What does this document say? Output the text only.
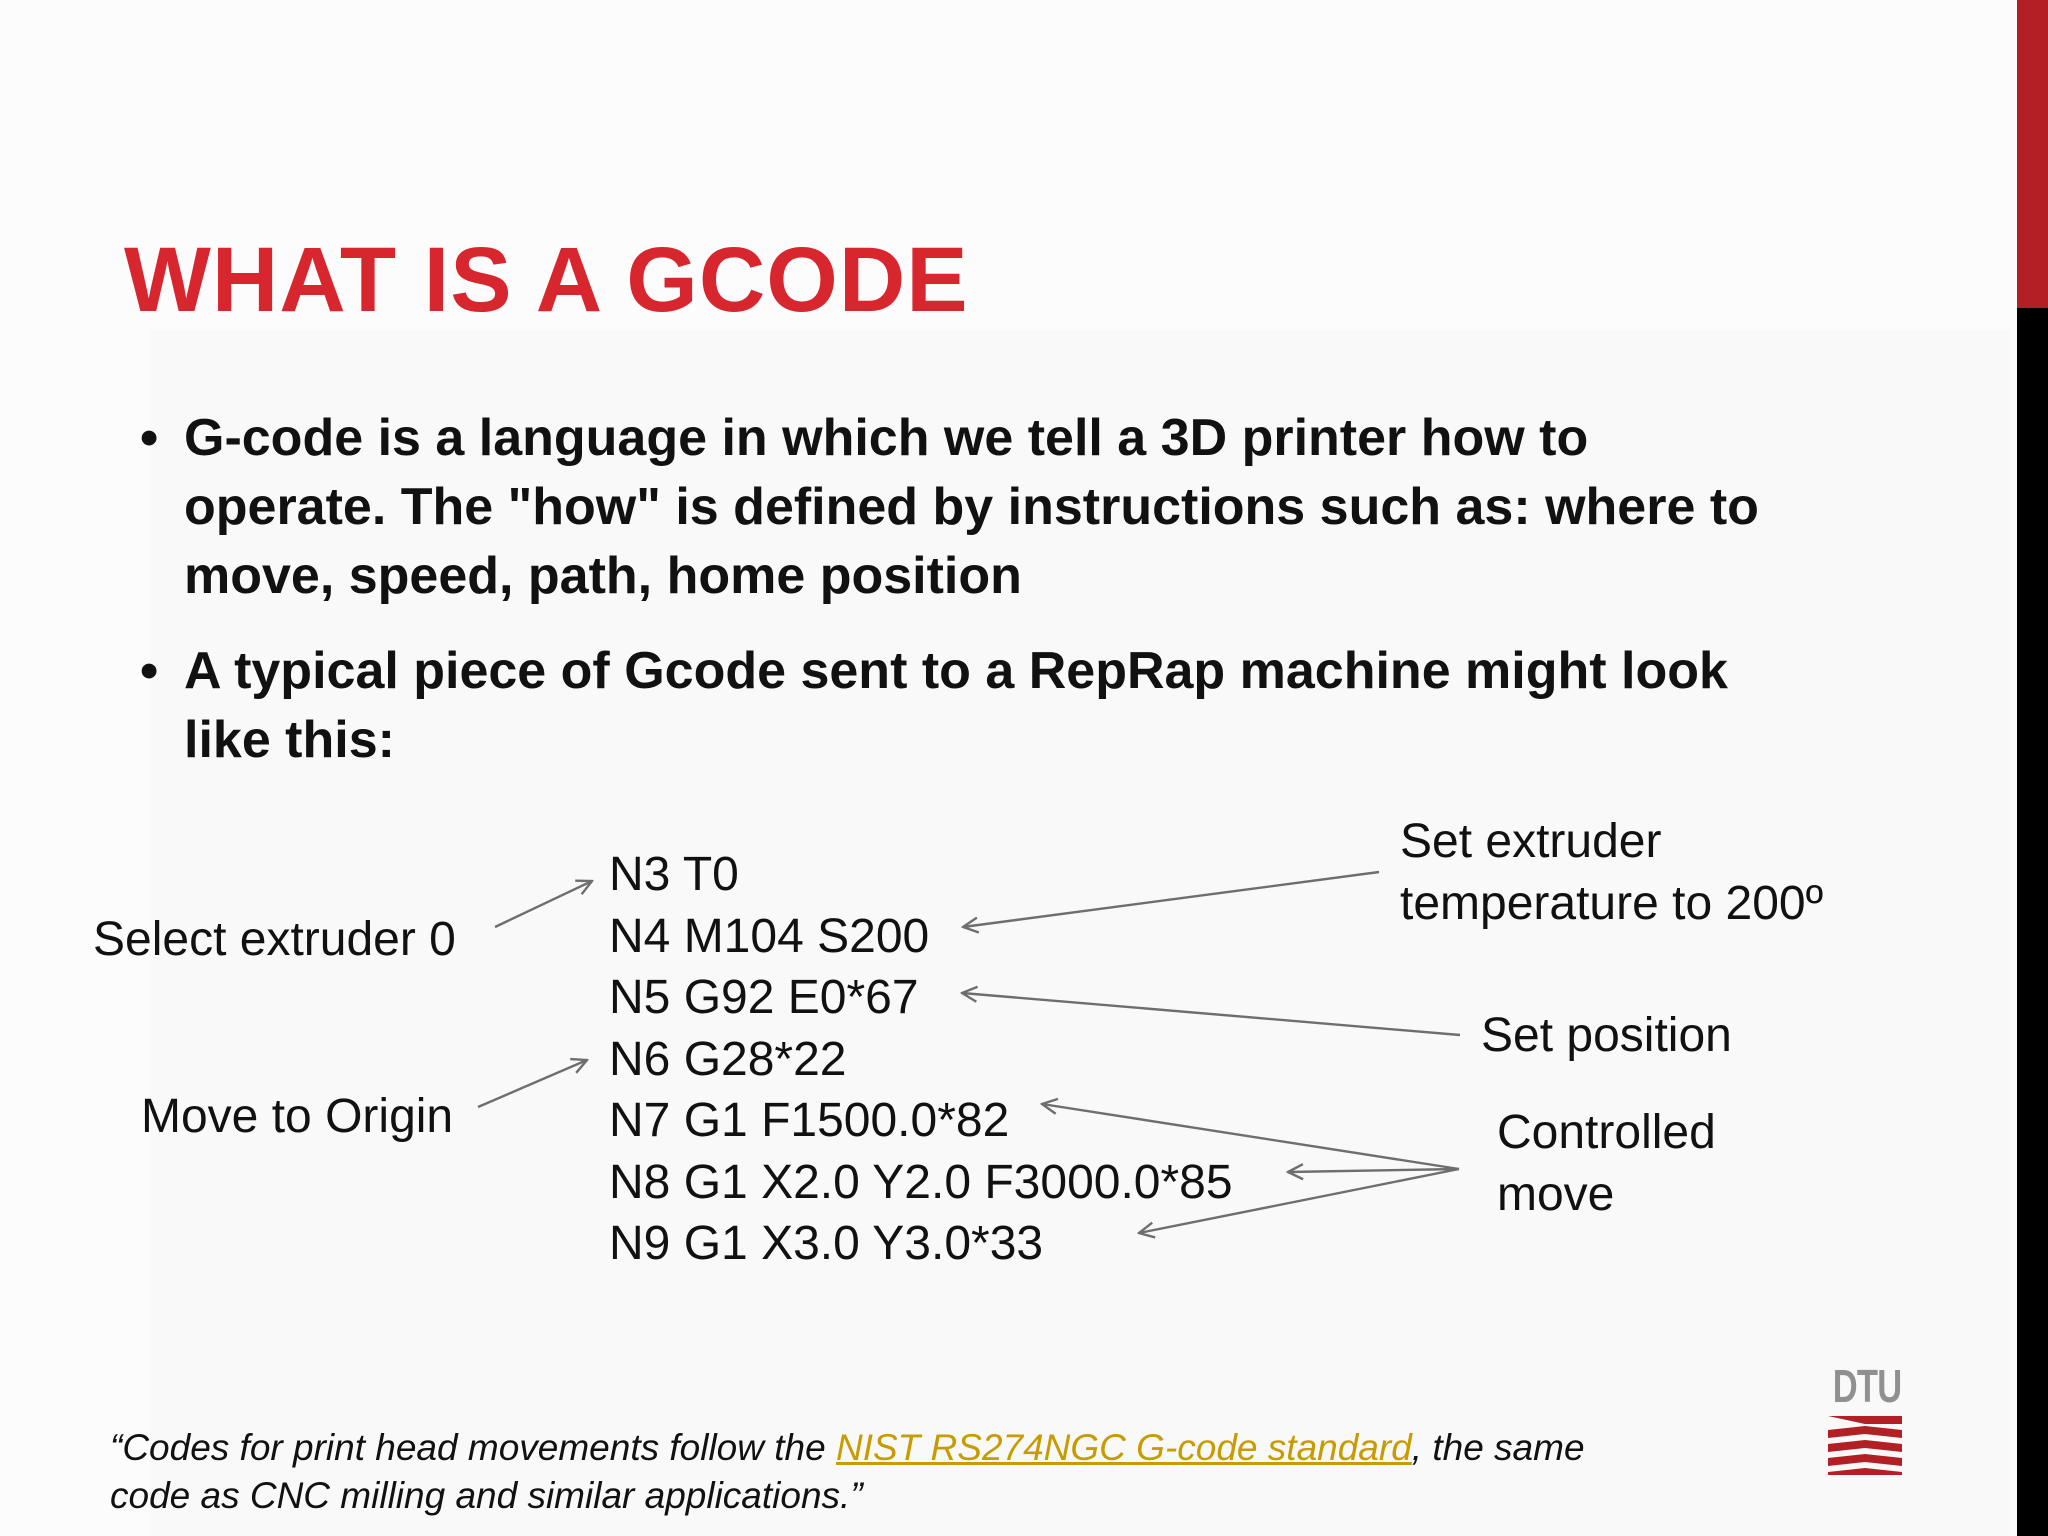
WHAT IS A GCODE
• G-code is a language in which we tell a 3D printer how to operate. The "how" is defined by instructions such as: where to move, speed, path, home position
• A typical piece of Gcode sent to a RepRap machine might look like this:
N3 T0
N4 M104 S200
N5 G92 E0*67
N6 G28*22
N7 G1 F1500.0*82
N8 G1 X2.0 Y2.0 F3000.0*85
N9 G1 X3.0 Y3.0*33
Select extruder 0
Move to Origin
Set extruder
temperature to 200º
Set position
Controlled
move

“Codes for print head movements follow the NIST RS274NGC G-code standard, the same
code as CNC milling and similar applications.”

DTU
